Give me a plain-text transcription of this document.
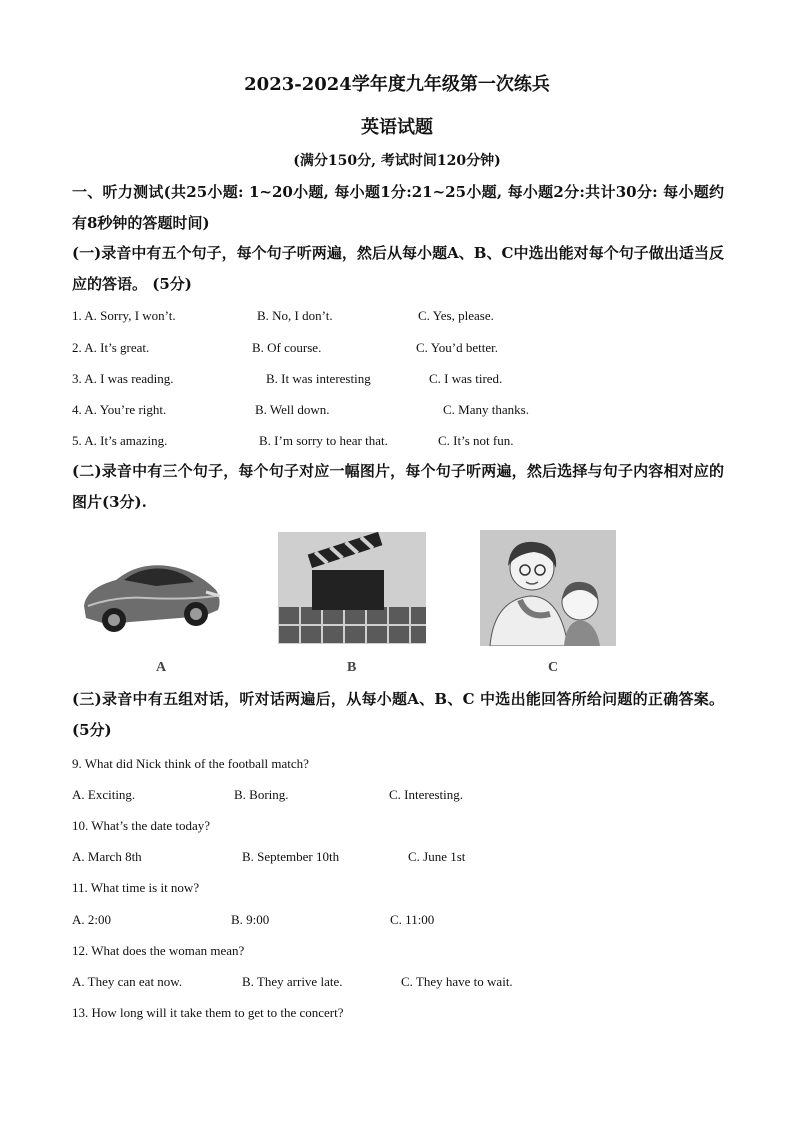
2023-2024学年度九年级第一次练兵
英语试题
(满分150分, 考试时间120分钟)
一、听力测试(共25小题: 1~20小题, 每小题1分:21~25小题, 每小题2分:共计30分: 每小题约有8秒钟的答题时间)
(一)录音中有五个句子，每个句子听两遍，然后从每小题A、B、C中选出能对每个句子做出适当反应的答语。 (5分)
1. A. Sorry, I won’t.	B. No, I don’t.	C. Yes, please.
2. A. It’s great.	B. Of course.	C. You’d better.
3. A. I was reading.	B. It was interesting	C. I was tired.
4. A. You’re right.	B. Well down.	C. Many thanks.
5. A. It’s amazing.	B. I’m sorry to hear that.	C. It’s not fun.
(二)录音中有三个句子，每个句子对应一幅图片，每个句子听两遍，然后选择与句子内容相对应的图片(3分).
A	B	C
(三)录音中有五组对话，听对话两遍后，从每小题A、B、C 中选出能回答所给问题的正确答案。 (5分)
9. What did Nick think of the football match?
A. Exciting.	B. Boring.	C. Interesting.
10. What’s the date today?
A. March 8th	B. September 10th	C. June 1st
11. What time is it now?
A. 2:00	B. 9:00	C. 11:00
12. What does the woman mean?
A. They can eat now.	B. They arrive late.	C. They have to wait.
13. How long will it take them to get to the concert?
